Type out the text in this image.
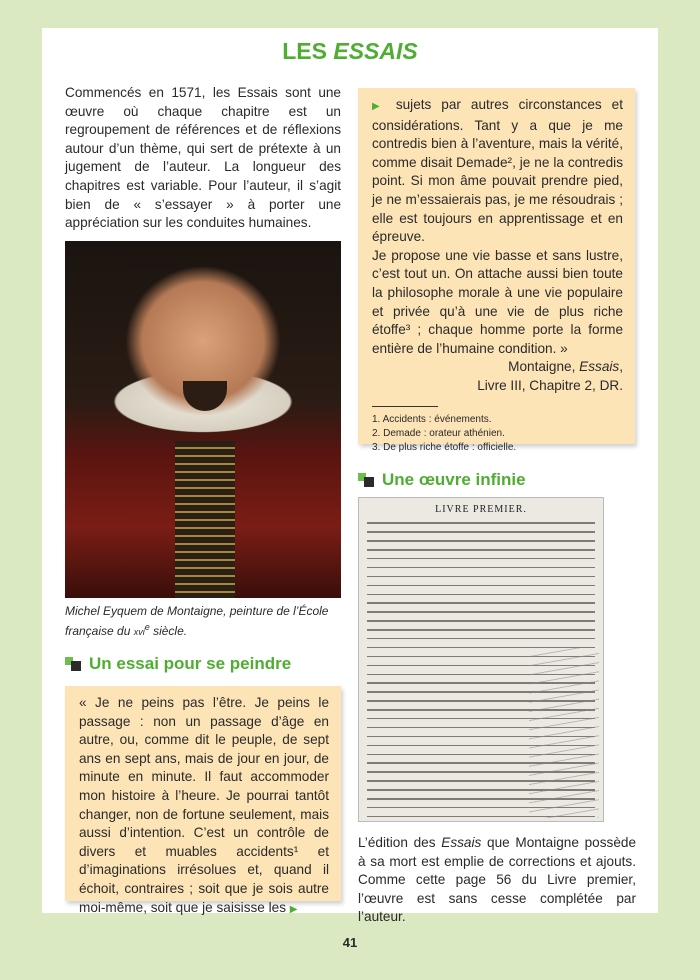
LES ESSAIS

Commencés en 1571, les Essais sont une œuvre où chaque chapitre est un regroupement de références et de réflexions autour d’un thème, qui sert de prétexte à un jugement de l’auteur. La longueur des chapitres est variable. Pour l’auteur, il s’agit bien de « s’essayer » à porter une appréciation sur les conduites humaines.

Michel Eyquem de Montaigne, peinture de l’École française du xvi$^e$ siècle.

Un essai pour se peindre

« Je ne peins pas l’être. Je peins le passage : non un passage d’âge en autre, ou, comme dit le peuple, de sept ans en sept ans, mais de jour en jour, de minute en minute. Il faut accommoder mon histoire à l’heure. Je pourrai tantôt changer, non de fortune seulement, mais aussi d’intention. C’est un contrôle de divers et muables accidents¹ et d’imaginations irrésolues et, quand il échoit, contraires ; soit que je sois autre moi-même, soit que je saisisse les ▶

▶ sujets par autres circonstances et considérations. Tant y a que je me contredis bien à l’aventure, mais la vérité, comme disait Demade², je ne la contredis point. Si mon âme pouvait prendre pied, je ne m’essaierais pas, je me résoudrais ; elle est toujours en apprentissage et en épreuve.

Je propose une vie basse et sans lustre, c’est tout un. On attache aussi bien toute la philosophe morale à une vie populaire et privée qu’à une vie de plus riche étoffe³ ; chaque homme porte la forme entière de l’humaine condition. »

Montaigne, Essais,
Livre III, Chapitre 2, DR.

1. Accidents : événements.

2. Demade : orateur athénien.

3. De plus riche étoffe : officielle.

Une œuvre infinie
LIVRE PREMIER.

L’édition des Essais que Montaigne possède à sa mort est emplie de corrections et ajouts. Comme cette page 56 du Livre premier, l’œuvre est sans cesse complétée par l’auteur.

41
